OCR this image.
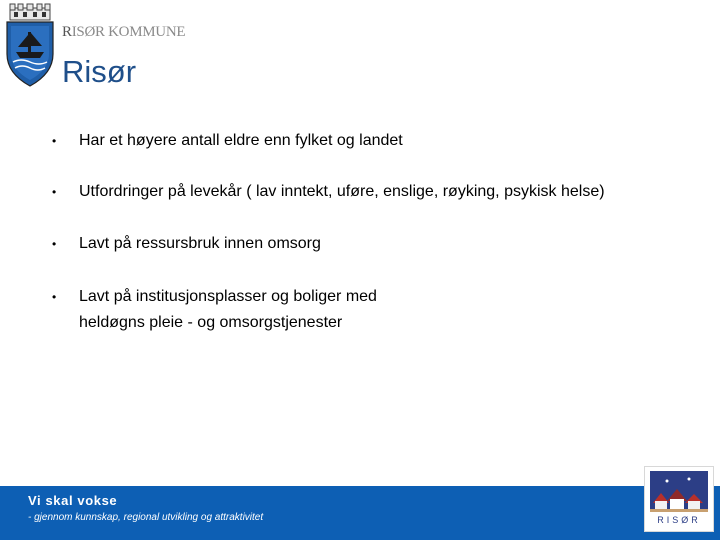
RISØR KOMMUNE
Risør
•	Har et høyere antall eldre enn fylket og landet
•	Utfordringer på levekår ( lav inntekt, uføre, enslige, røyking, psykisk helse)
•	Lavt på ressursbruk innen omsorg
•	Lavt på institusjonsplasser og boliger med
heldøgns pleie - og omsorgstjenester
Vi skal vokse
- gjennom kunnskap, regional utvikling og attraktivitet	RISØR
